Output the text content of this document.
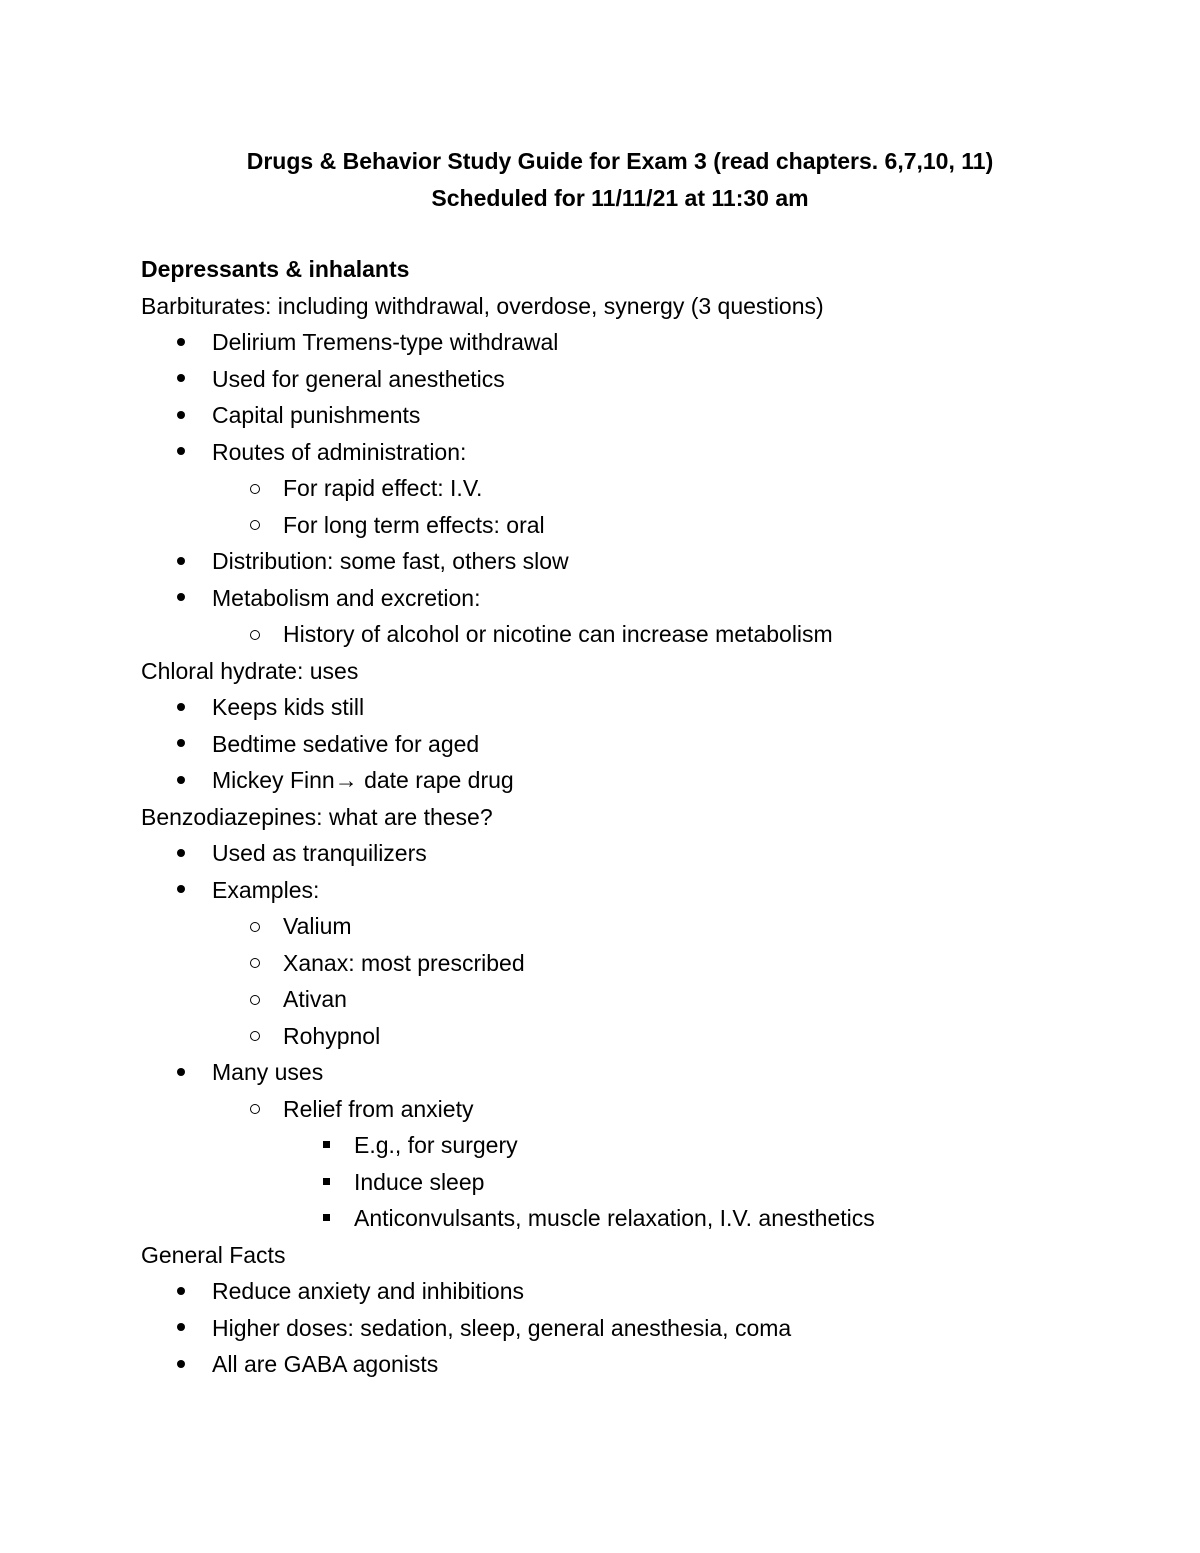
Drugs & Behavior Study Guide for Exam 3 (read chapters. 6,7,10, 11)
Scheduled for 11/11/21 at 11:30 am
Depressants & inhalants
Barbiturates: including withdrawal, overdose, synergy (3 questions)
Delirium Tremens-type withdrawal
Used for general anesthetics
Capital punishments
Routes of administration:
For rapid effect: I.V.
For long term effects: oral
Distribution: some fast, others slow
Metabolism and excretion:
History of alcohol or nicotine can increase metabolism
Chloral hydrate: uses
Keeps kids still
Bedtime sedative for aged
Mickey Finn→ date rape drug
Benzodiazepines: what are these?
Used as tranquilizers
Examples:
Valium
Xanax: most prescribed
Ativan
Rohypnol
Many uses
Relief from anxiety
E.g., for surgery
Induce sleep
Anticonvulsants, muscle relaxation, I.V. anesthetics
General Facts
Reduce anxiety and inhibitions
Higher doses: sedation, sleep, general anesthesia, coma
All are GABA agonists
